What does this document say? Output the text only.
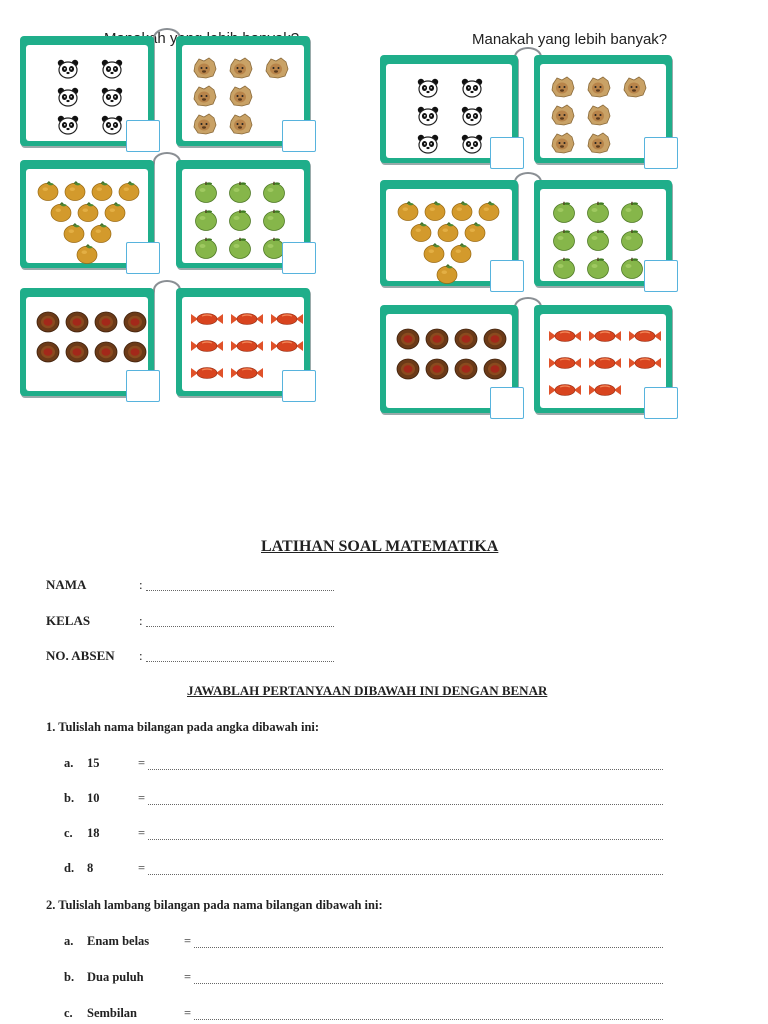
Manakah yang lebih banyak?
LATIHAN SOAL MATEMATIKA
NAMA	:
KELAS	:
NO. ABSEN :
JAWABLAH PERTANYAAN DIBAWAH INI DENGAN BENAR
1. Tulislah nama bilangan pada angka dibawah ini:
a. 15	=
b. 10	=
c. 18	=
d. 8	=
2. Tulislah lambang bilangan pada nama bilangan dibawah ini:
a. Enam belas	=
b. Dua puluh	=
c. Sembilan	=
